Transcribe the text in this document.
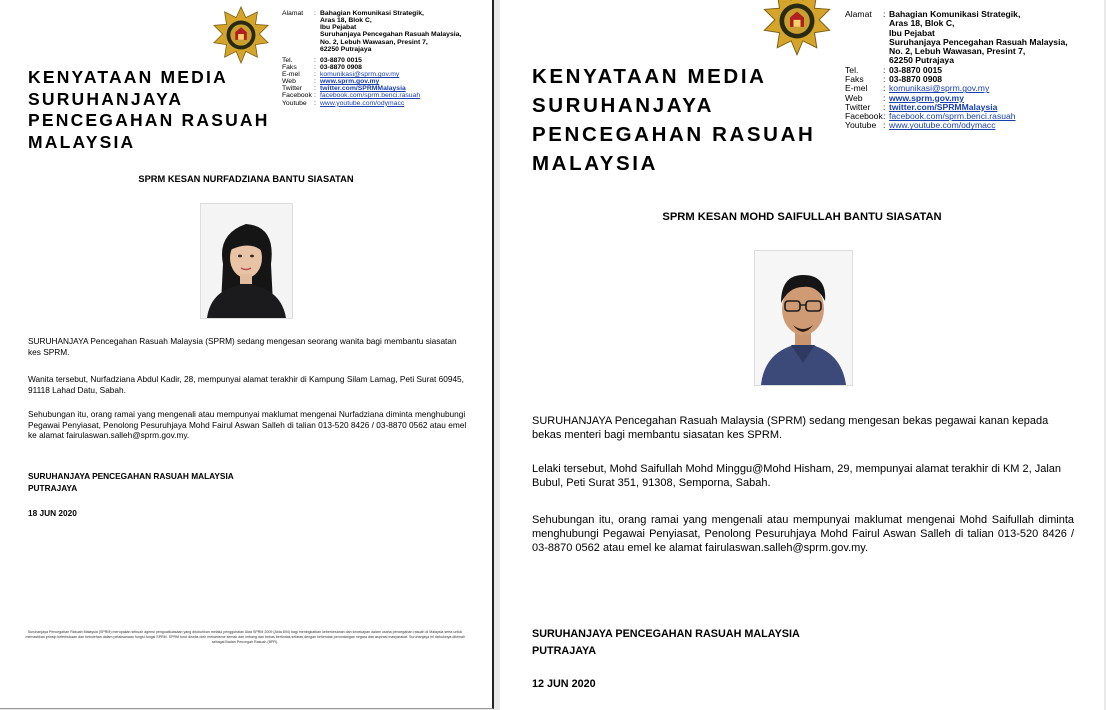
KENYATAAN MEDIA
SURUHANJAYA
PENCEGAHAN RASUAH
MALAYSIA
Alamat	: Bahagian Komunikasi Strategik,
Aras 18, Blok C,
Ibu Pejabat
Suruhanjaya Pencegahan Rasuah Malaysia,
No. 2, Lebuh Wawasan, Presint 7,
62250 Putrajaya
Tel.	: 03-8870 0015
Faks	: 03-8870 0908
E-mel	: komunikasi@sprm.gov.my
Web	: www.sprm.gov.my
Twitter	: twitter.com/SPRMMalaysia
Facebook : facebook.com/sprm.benci.rasuah
Youtube	: www.youtube.com/odymacc
SPRM KESAN NURFADZIANA BANTU SIASATAN
SURUHANJAYA Pencegahan Rasuah Malaysia (SPRM) sedang mengesan seorang wanita bagi membantu siasatan kes SPRM.
Wanita tersebut, Nurfadziana Abdul Kadir, 28, mempunyai alamat terakhir di Kampung Silam Lamag, Peti Surat 60945, 91118 Lahad Datu, Sabah.
Sehubungan itu, orang ramai yang mengenali atau mempunyai maklumat mengenai Nurfadziana diminta menghubungi Pegawai Penyiasat, Penolong Pesuruhjaya Mohd Fairul Aswan Salleh di talian 013-520 8426 / 03-8870 0562 atau emel ke alamat fairulaswan.salleh@sprm.gov.my.
SURUHANJAYA PENCEGAHAN RASUAH MALAYSIA
PUTRAJAYA
18 JUN 2020
Suruhanjaya Pencegahan Rasuah Malaysia (SPRM) merupakan sebuah agensi penguatkuasaan yang ditubuhkan melalui penggubalan Akta SPRM 2009 (Akta 694) bagi meningkatkan keberkesanan dan kecekapan dalam usaha pencegahan rasuah di Malaysia serta untuk memastikan prinsip keterbukaan dan kebolehan dalam pelaksanaan fungsi-fungsi SPRM. SPRM turut diselia oleh mekanisme semak dan imbang dan bebas bertindak selaras dengan kehendak perundangan negara dan aspirasi masyarakat. Suruhanjaya ini dahulunya dikenali sebagai Badan Pencegah Rasuah (BPR).
KENYATAAN MEDIA
SURUHANJAYA
PENCEGAHAN RASUAH
MALAYSIA
Alamat	: Bahagian Komunikasi Strategik,
Aras 18, Blok C,
Ibu Pejabat
Suruhanjaya Pencegahan Rasuah Malaysia,
No. 2, Lebuh Wawasan, Presint 7,
62250 Putrajaya
Tel.	: 03-8870 0015
Faks	: 03-8870 0908
E-mel	: komunikasi@sprm.gov.my
Web	: www.sprm.gov.my
Twitter	: twitter.com/SPRMMalaysia
Facebook : facebook.com/sprm.benci.rasuah
Youtube : www.youtube.com/odymacc
SPRM KESAN MOHD SAIFULLAH BANTU SIASATAN
SURUHANJAYA Pencegahan Rasuah Malaysia (SPRM) sedang mengesan bekas pegawai kanan kepada bekas menteri bagi membantu siasatan kes SPRM.
Lelaki tersebut, Mohd Saifullah Mohd Minggu@Mohd Hisham, 29, mempunyai alamat terakhir di KM 2, Jalan Bubul, Peti Surat 351, 91308, Semporna, Sabah.
Sehubungan itu, orang ramai yang mengenali atau mempunyai maklumat mengenai Mohd Saifullah diminta menghubungi Pegawai Penyiasat, Penolong Pesuruhjaya Mohd Fairul Aswan Salleh di talian 013-520 8426 / 03-8870 0562 atau emel ke alamat fairulaswan.salleh@sprm.gov.my.
SURUHANJAYA PENCEGAHAN RASUAH MALAYSIA
PUTRAJAYA
12 JUN 2020
